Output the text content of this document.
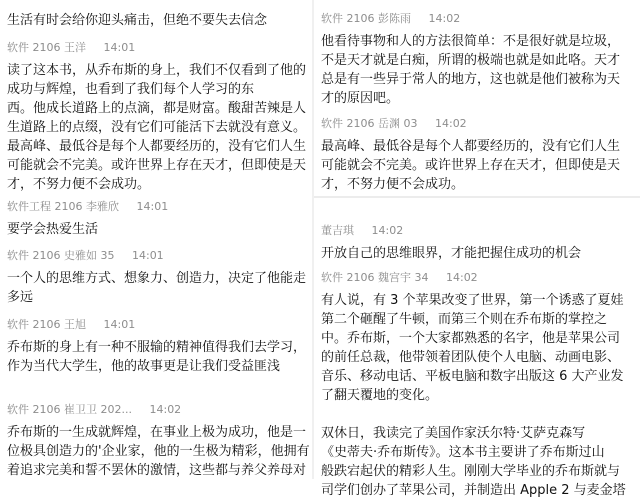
生活有时会给你迎头痛击，但绝不要失去信念
软件 2106 王洋 14:01
读了这本书，从乔布斯的身上，我们不仅看到了他的
成功与辉煌，也看到了我们每个人学习的东
西。他成长道路上的点滴，都是财富。酸甜苦辣是人
生道路上的点缀，没有它们可能活下去就没有意义。
最高峰、最低谷是每个人都要经历的，没有它们人生
可能就会不完美。或许世界上存在天才，但即使是天
才，不努力便不会成功。
软件工程 2106 李雅欣 14:01
要学会热爱生活
软件 2106 史雅如 35 14:01
一个人的思维方式、想象力、创造力，决定了他能走
多远
软件 2106 王旭 14:01
乔布斯的身上有一种不服输的精神值得我们去学习，
作为当代大学生，他的故事更是让我们受益匪浅
软件 2106 崔卫卫 202... 14:02
乔布斯的一生成就辉煌，在事业上极为成功，他是一
位极具创造力的'企业家，他的一生极为精彩，他拥有
着追求完美和誓不罢休的激情，这些都与养父养母对
软件 2106 彭陈雨 14:02
他看待事物和人的方法很简单：不是很好就是垃圾，
不是天才就是白痴，所谓的极端也就是如此咯。天才
总是有一些异于常人的地方，这也就是他们被称为天
才的原因吧。
软件 2106 岳渊 03 14:02
最高峰、最低谷是每个人都要经历的，没有它们人生
可能就会不完美。或许世界上存在天才，但即使是天
才，不努力便不会成功。
董吉琪 14:02
开放自己的思维眼界，才能把握住成功的机会
软件 2106 魏宫宇 34 14:02
有人说，有 3 个苹果改变了世界，第一个诱惑了夏娃
第二个砸醒了牛顿，而第三个则在乔布斯的掌控之
中。乔布斯，一个大家都熟悉的名字，他是苹果公司
的前任总裁，他带领着团队使个人电脑、动画电影、
音乐、移动电话、平板电脑和数字出版这 6 大产业发
了翻天覆地的变化。
双休日，我读完了美国作家沃尔特·艾萨克森写
《史蒂夫·乔布斯传》。这本书主要讲了乔布斯过山
般跌宕起伏的精彩人生。刚刚大学毕业的乔布斯就与
司学们创办了苹果公司，并制造出 Apple 2 与麦金塔
